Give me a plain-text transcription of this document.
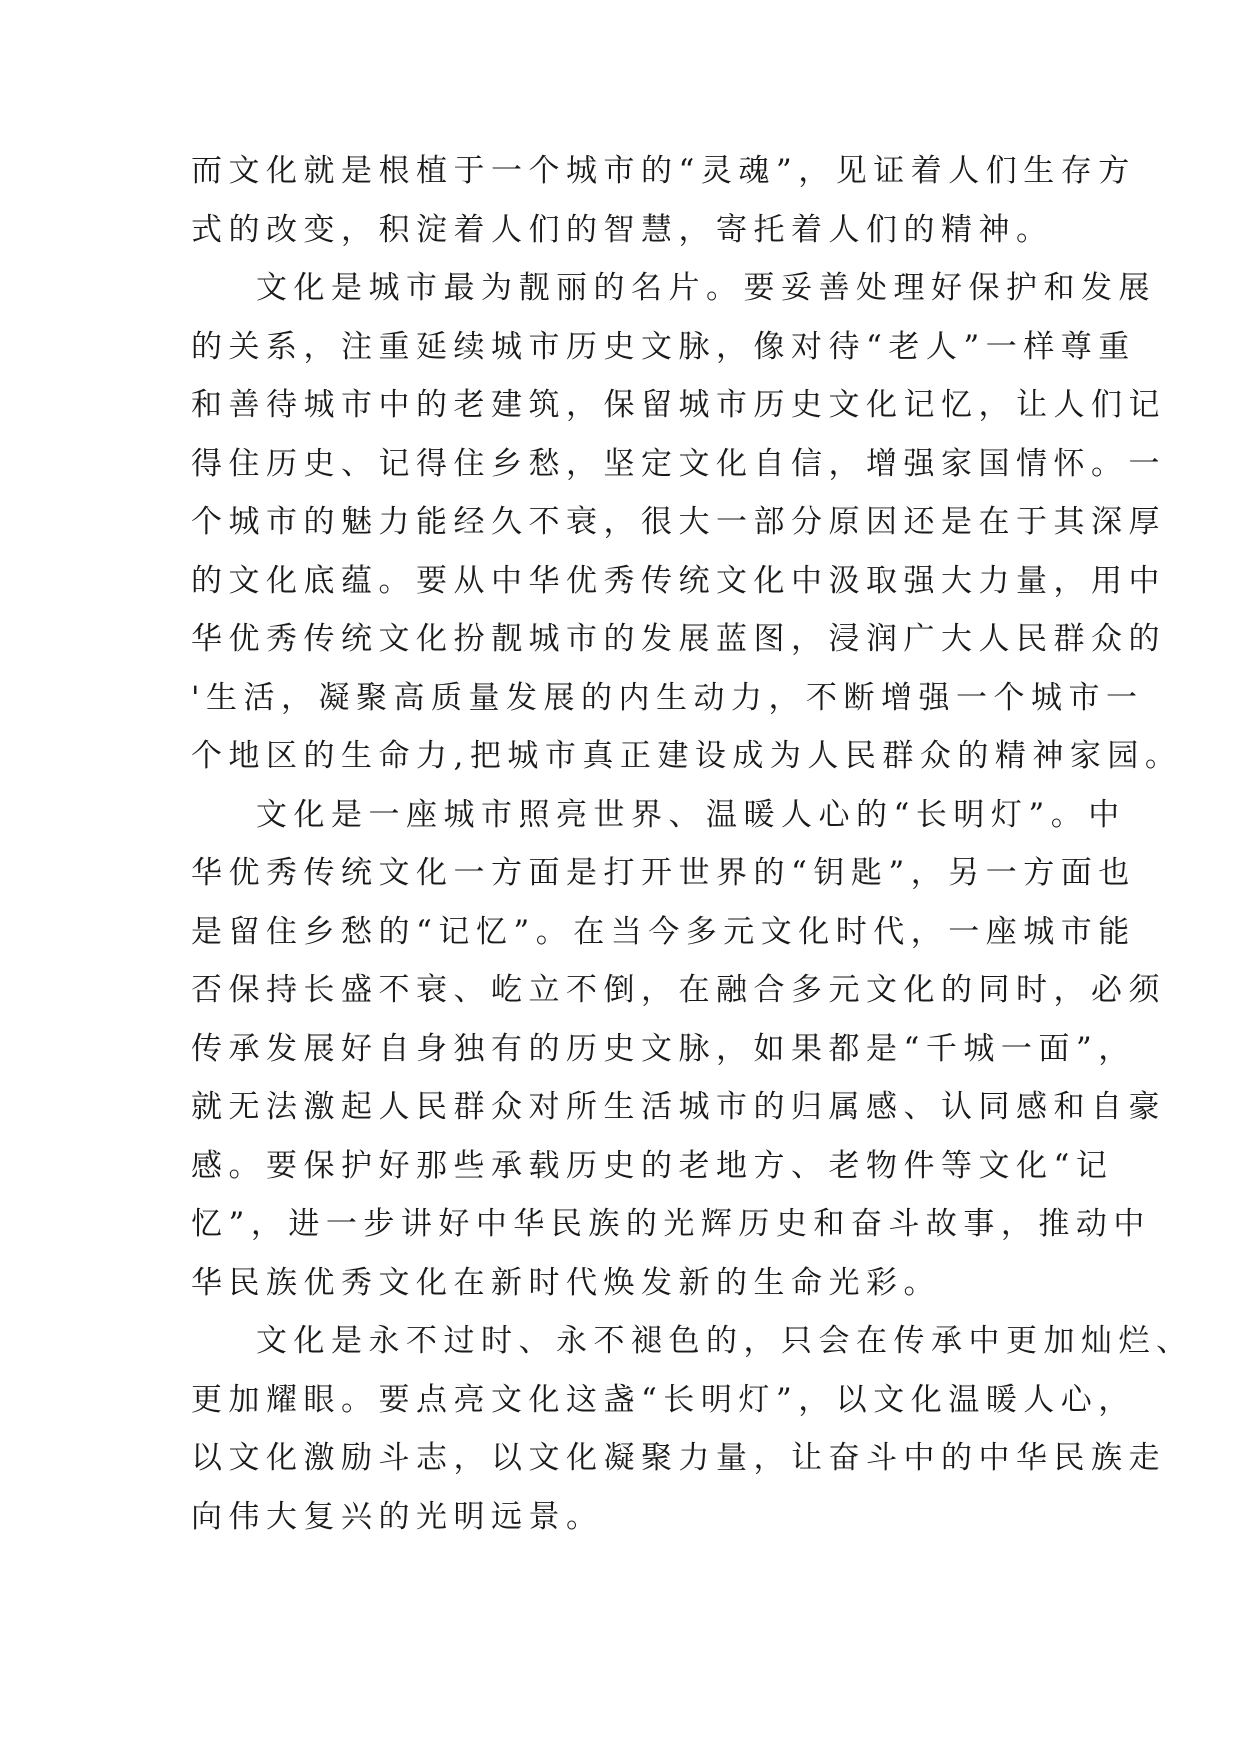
而文化就是根植于一个城市的“灵魂”，见证着人们生存方
式的改变，积淀着人们的智慧，寄托着人们的精神。
文化是城市最为靓丽的名片。要妥善处理好保护和发展
的关系，注重延续城市历史文脉，像对待“老人”一样尊重
和善待城市中的老建筑，保留城市历史文化记忆，让人们记
得住历史、记得住乡愁，坚定文化自信，增强家国情怀。一
个城市的魅力能经久不衰，很大一部分原因还是在于其深厚
的文化底蕴。要从中华优秀传统文化中汲取强大力量，用中
华优秀传统文化扮靓城市的发展蓝图，浸润广大人民群众的
'生活，凝聚高质量发展的内生动力，不断增强一个城市一
个地区的生命力,把城市真正建设成为人民群众的精神家园。
文化是一座城市照亮世界、温暖人心的“长明灯”。中
华优秀传统文化一方面是打开世界的“钥匙”，另一方面也
是留住乡愁的“记忆”。在当今多元文化时代，一座城市能
否保持长盛不衰、屹立不倒，在融合多元文化的同时，必须
传承发展好自身独有的历史文脉，如果都是“千城一面”，
就无法激起人民群众对所生活城市的归属感、认同感和自豪
感。要保护好那些承载历史的老地方、老物件等文化“记
忆”，进一步讲好中华民族的光辉历史和奋斗故事，推动中
华民族优秀文化在新时代焕发新的生命光彩。
文化是永不过时、永不褪色的，只会在传承中更加灿烂、
更加耀眼。要点亮文化这盏“长明灯”，以文化温暖人心，
以文化激励斗志，以文化凝聚力量，让奋斗中的中华民族走
向伟大复兴的光明远景。
